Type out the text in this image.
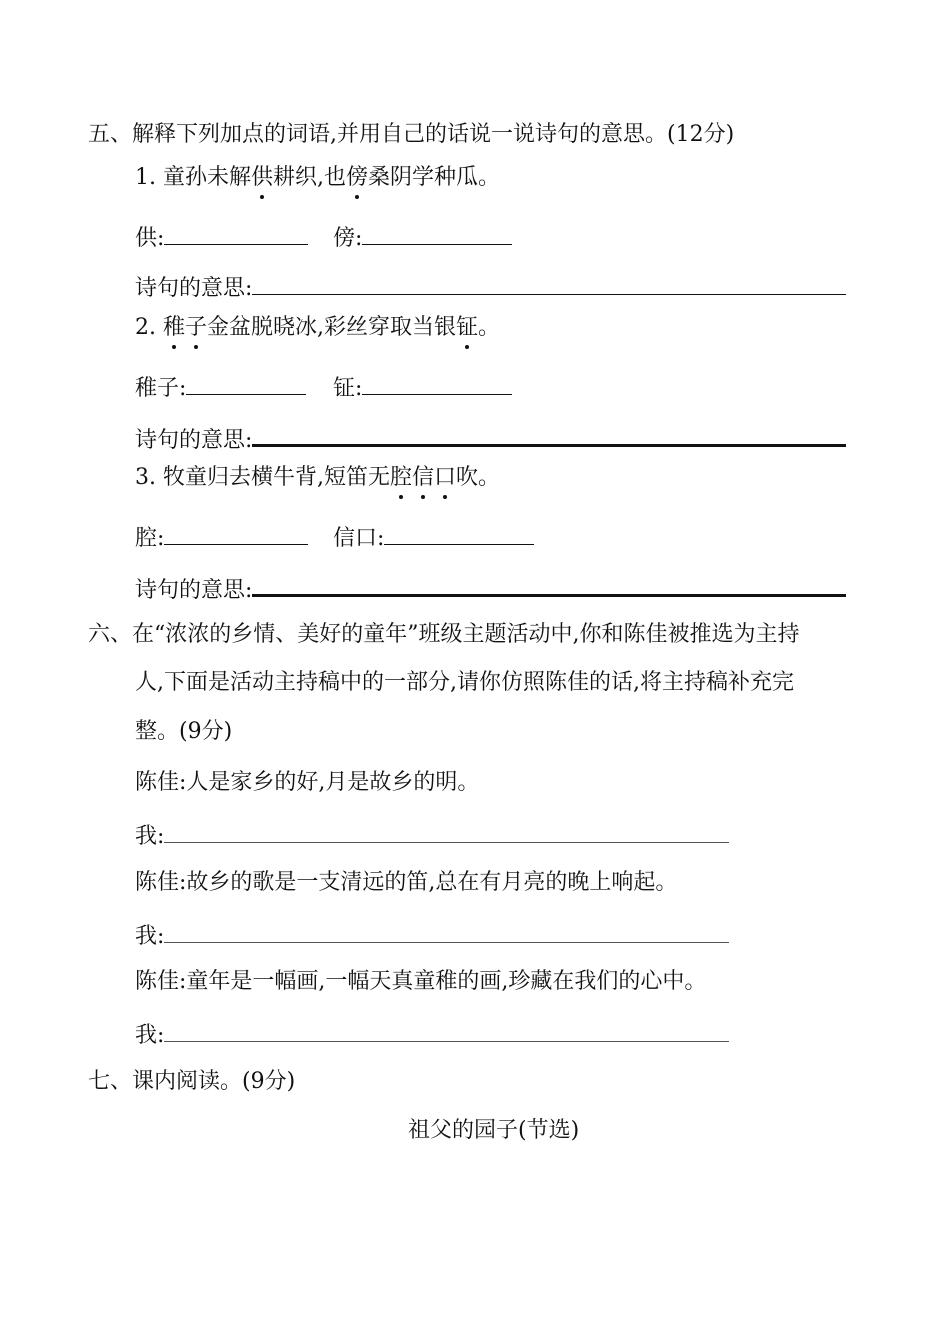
五、解释下列加点的词语,并用自己的话说一说诗句的意思。(12分)
1. 童孙未解供耕织,也傍桑阴学种瓜。
供:	傍:
诗句的意思:
2. 稚子金盆脱晓冰,彩丝穿取当银钲。
稚子:	钲:
诗句的意思:
3. 牧童归去横牛背,短笛无腔信口吹。
腔:	信口:
诗句的意思:
六、在“浓浓的乡情、美好的童年”班级主题活动中,你和陈佳被推选为主持
人,下面是活动主持稿中的一部分,请你仿照陈佳的话,将主持稿补充完
整。(9分)
陈佳:人是家乡的好,月是故乡的明。
我:
陈佳:故乡的歌是一支清远的笛,总在有月亮的晚上响起。
我:
陈佳:童年是一幅画,一幅天真童稚的画,珍藏在我们的心中。
我:
七、课内阅读。(9分)
祖父的园子(节选)
